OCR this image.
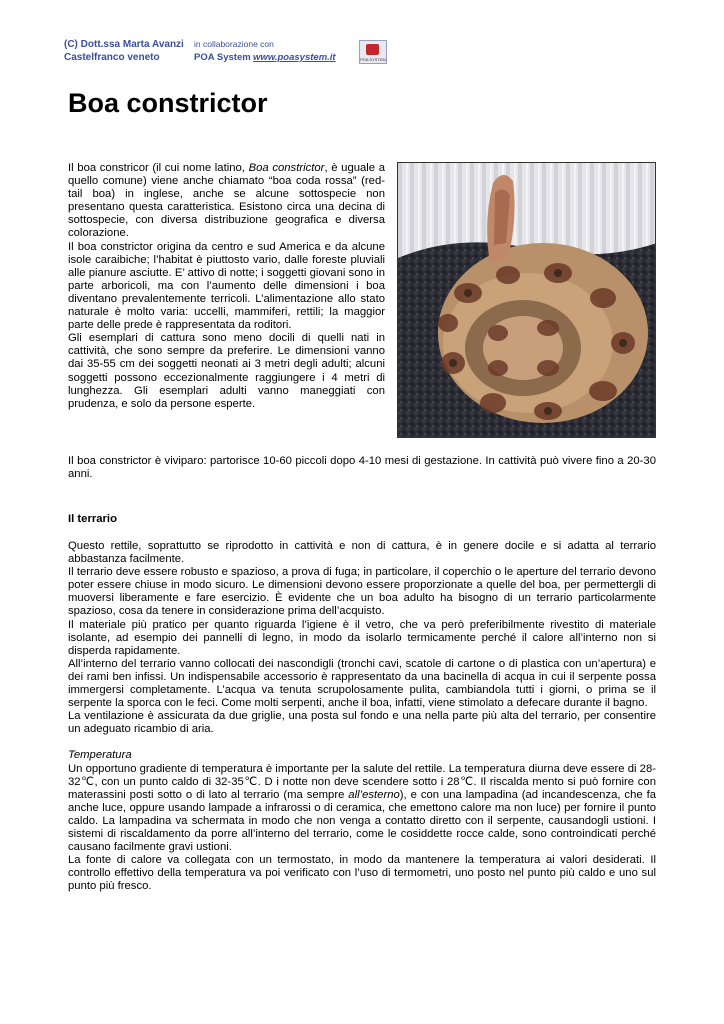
(C) Dott.ssa Marta Avanzi
Castelfranco veneto
in collaborazione con
POA System www.poasystem.it	POA SYSTEM
Boa constrictor

Il boa constricor (il cui nome latino, Boa constrictor, è uguale a quello comune) viene anche chiamato “boa coda rossa” (red-tail boa) in inglese, anche se alcune sottospecie non presentano questa caratteristica. Esistono circa una decina di sottospecie, con diversa distribuzione geografica e diversa colorazione.

Il boa constrictor origina da centro e sud America e da alcune isole caraibiche; l’habitat è piuttosto vario, dalle foreste pluviali alle pianure asciutte. E’ attivo di notte; i soggetti giovani sono in parte arboricoli, ma con l’aumento delle dimensioni i boa diventano prevalentemente terricoli. L’alimentazione allo stato naturale è molto varia: uccelli, mammiferi, rettili; la maggior parte delle prede è rappresentata da roditori.

Gli esemplari di cattura sono meno docili di quelli nati in cattività, che sono sempre da preferire. Le dimensioni vanno dai 35-55 cm dei soggetti neonati ai 3 metri degli adulti; alcuni soggetti possono eccezionalmente raggiungere i 4 metri di lunghezza. Gli esemplari adulti vanno maneggiati con prudenza, e solo da persone esperte.

Il boa constrictor è viviparo: partorisce 10-60 piccoli dopo 4-10 mesi di gestazione. In cattività può vivere fino a 20-30 anni.

Il terrario

Questo rettile, soprattutto se riprodotto in cattività e non di cattura, è in genere docile e si adatta al terrario abbastanza facilmente.

Il terrario deve essere robusto e spazioso, a prova di fuga; in particolare, il coperchio o le aperture del terrario devono poter essere chiuse in modo sicuro. Le dimensioni devono essere proporzionate a quelle del boa, per permettergli di muoversi liberamente e fare esercizio. È evidente che un boa adulto ha bisogno di un terrario particolarmente spazioso, cosa da tenere in considerazione prima dell’acquisto.

Il materiale più pratico per quanto riguarda l’igiene è il vetro, che va però preferibilmente rivestito di materiale isolante, ad esempio dei pannelli di legno, in modo da isolarlo termicamente perché il calore all’interno non si disperda rapidamente.

All’interno del terrario vanno collocati dei nascondigli (tronchi cavi, scatole di cartone o di plastica con un’apertura) e dei rami ben infissi. Un indispensabile accessorio è rappresentato da una bacinella di acqua in cui il serpente possa immergersi completamente. L’acqua va tenuta scrupolosamente pulita, cambiandola tutti i giorni, o prima se il serpente la sporca con le feci. Come molti serpenti, anche il boa, infatti, viene stimolato a defecare durante il bagno.

La ventilazione è assicurata da due griglie, una posta sul fondo e una nella parte più alta del terrario, per consentire un adeguato ricambio di aria.

Temperatura

Un opportuno gradiente di temperatura è importante per la salute del rettile. La temperatura diurna deve essere di 28-32℃, con un punto caldo di 32-35℃. D i notte non deve scendere sotto i 28℃. Il riscalda mento si può fornire con materassini posti sotto o di lato al terrario (ma sempre all’esterno), e con una lampadina (ad incandescenza, che fa anche luce, oppure usando lampade a infrarossi o di ceramica, che emettono calore ma non luce) per fornire il punto caldo. La lampadina va schermata in modo che non venga a contatto diretto con il serpente, causandogli ustioni. I sistemi di riscaldamento da porre all’interno del terrario, come le cosiddette rocce calde, sono controindicati perché causano facilmente gravi ustioni.

La fonte di calore va collegata con un termostato, in modo da mantenere la temperatura ai valori desiderati. Il controllo effettivo della temperatura va poi verificato con l’uso di termometri, uno posto nel punto più caldo e uno sul punto più fresco.
